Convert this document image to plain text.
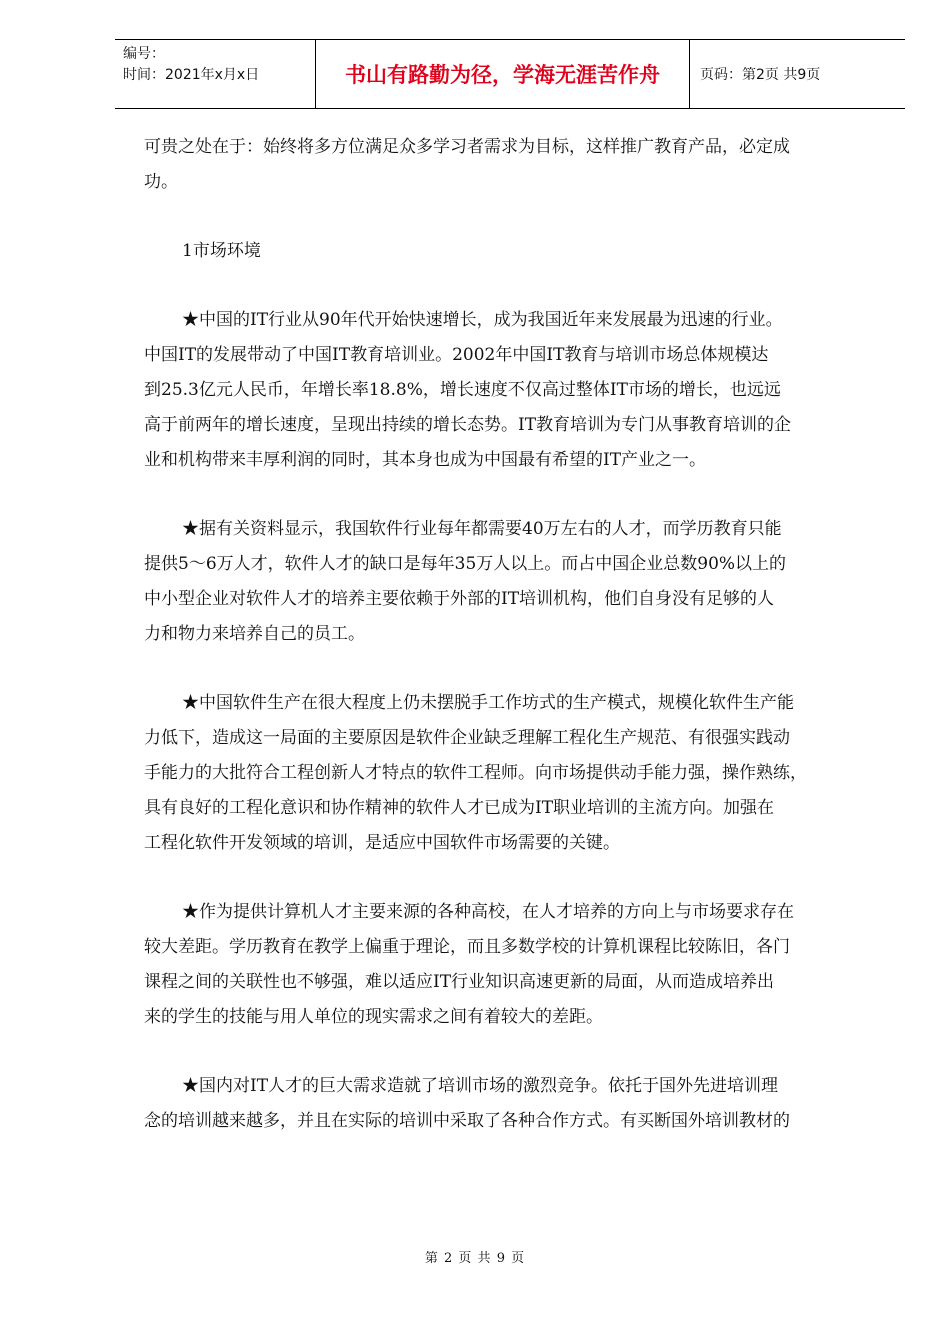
编号：
时间：2021年x月x日	书山有路勤为径，学海无涯苦作舟	页码：第2页 共9页

可贵之处在于：始终将多方位满足众多学习者需求为目标，这样推广教育产品，必定成

功。

1市场环境

★中国的IT行业从90年代开始快速增长，成为我国近年来发展最为迅速的行业。

中国IT的发展带动了中国IT教育培训业。2002年中国IT教育与培训市场总体规模达

到25.3亿元人民币，年增长率18.8%，增长速度不仅高过整体IT市场的增长，也远远

高于前两年的增长速度，呈现出持续的增长态势。IT教育培训为专门从事教育培训的企

业和机构带来丰厚利润的同时，其本身也成为中国最有希望的IT产业之一。

★据有关资料显示，我国软件行业每年都需要40万左右的人才，而学历教育只能

提供5～6万人才，软件人才的缺口是每年35万人以上。而占中国企业总数90%以上的

中小型企业对软件人才的培养主要依赖于外部的IT培训机构，他们自身没有足够的人

力和物力来培养自己的员工。

★中国软件生产在很大程度上仍未摆脱手工作坊式的生产模式，规模化软件生产能

力低下，造成这一局面的主要原因是软件企业缺乏理解工程化生产规范、有很强实践动

手能力的大批符合工程创新人才特点的软件工程师。向市场提供动手能力强，操作熟练，

具有良好的工程化意识和协作精神的软件人才已成为IT职业培训的主流方向。加强在

工程化软件开发领域的培训，是适应中国软件市场需要的关键。

★作为提供计算机人才主要来源的各种高校，在人才培养的方向上与市场要求存在

较大差距。学历教育在教学上偏重于理论，而且多数学校的计算机课程比较陈旧，各门

课程之间的关联性也不够强，难以适应IT行业知识高速更新的局面，从而造成培养出

来的学生的技能与用人单位的现实需求之间有着较大的差距。

★国内对IT人才的巨大需求造就了培训市场的激烈竞争。依托于国外先进培训理

念的培训越来越多，并且在实际的培训中采取了各种合作方式。有买断国外培训教材的

第 2 页 共 9 页
